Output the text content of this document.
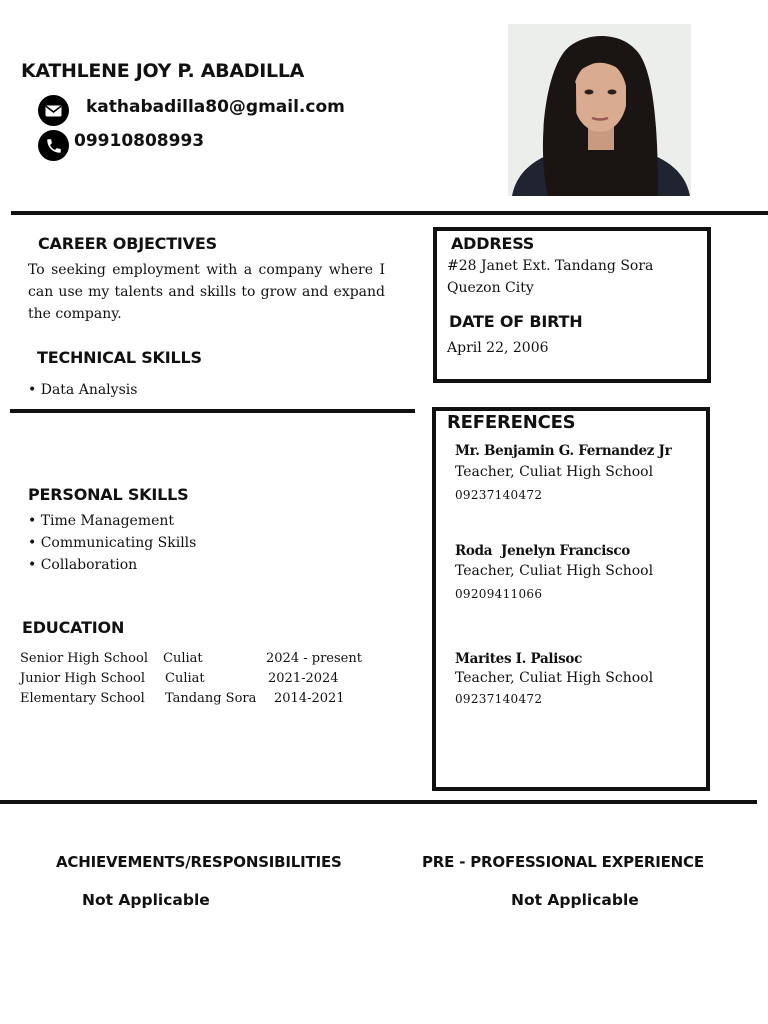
KATHLENE JOY P. ABADILLA
kathabadilla80@gmail.com
09910808993
CAREER OBJECTIVES
To seeking employment with a company where I can use my talents and skills to grow and expand the company.
TECHNICAL SKILLS
• Data Analysis
PERSONAL SKILLS
• Time Management
• Communicating Skills
• Collaboration
EDUCATION
Senior High School Culiat	2024 - present
Junior High School Culiat	2021-2024
Elementary School Tandang Sora 2014-2021
ADDRESS
#28 Janet Ext. Tandang Sora
Quezon City
DATE OF BIRTH
April 22, 2006
REFERENCES
Mr. Benjamin G. Fernandez Jr
Teacher, Culiat High School
09237140472
Roda  Jenelyn Francisco
Teacher, Culiat High School
09209411066
Marites I. Palisoc
Teacher, Culiat High School
09237140472
ACHIEVEMENTS/RESPONSIBILITIES
Not Applicable
PRE - PROFESSIONAL EXPERIENCE
Not Applicable
